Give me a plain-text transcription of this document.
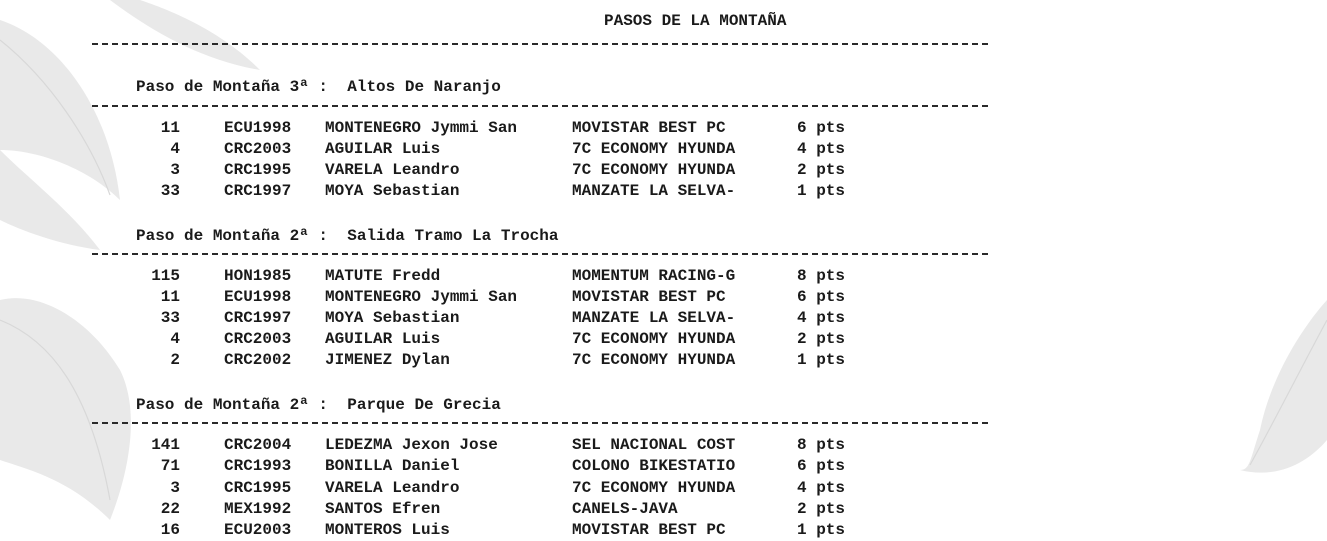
PASOS DE LA MONTAÑA
Paso de Montaña 3ª :  Altos De Naranjo
11	ECU1998 MONTENEGRO Jymmi San	MOVISTAR BEST PC	6 pts
4	CRC2003 AGUILAR Luis	7C ECONOMY HYUNDA	4 pts
3	CRC1995 VARELA Leandro	7C ECONOMY HYUNDA	2 pts
33	CRC1997 MOYA Sebastian	MANZATE LA SELVA-	1 pts
Paso de Montaña 2ª :  Salida Tramo La Trocha
115	HON1985 MATUTE Fredd	MOMENTUM RACING-G	8 pts
11	ECU1998 MONTENEGRO Jymmi San	MOVISTAR BEST PC	6 pts
33	CRC1997 MOYA Sebastian	MANZATE LA SELVA-	4 pts
4	CRC2003 AGUILAR Luis	7C ECONOMY HYUNDA	2 pts
2	CRC2002 JIMENEZ Dylan	7C ECONOMY HYUNDA	1 pts
Paso de Montaña 2ª :  Parque De Grecia
141	CRC2004 LEDEZMA Jexon Jose	SEL NACIONAL COST	8 pts
71	CRC1993 BONILLA Daniel	COLONO BIKESTATIO	6 pts
3	CRC1995 VARELA Leandro	7C ECONOMY HYUNDA	4 pts
22	MEX1992 SANTOS Efren	CANELS-JAVA	2 pts
16	ECU2003 MONTEROS Luis	MOVISTAR BEST PC	1 pts
